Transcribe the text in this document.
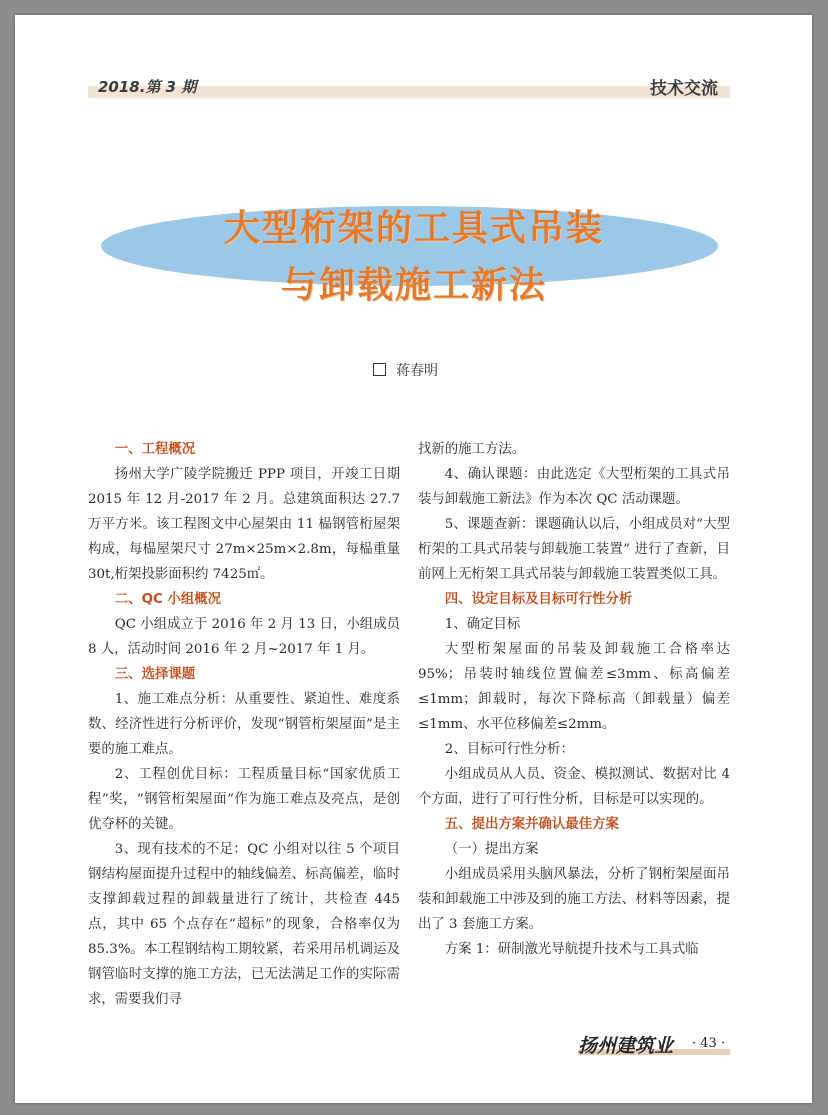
2018.第 3 期	技术交流
大型桁架的工具式吊装
与卸载施工新法
蒋春明
一、工程概况

扬州大学广陵学院搬迁 PPP 项目，开竣工日期 2015 年 12 月-2017 年 2 月。总建筑面积达 27.7 万平方米。该工程图文中心屋架由 11 榀钢管桁屋架构成，每榀屋架尺寸 27m×25m×2.8m，每榀重量 30t,桁架投影面积约 7425㎡。

二、QC 小组概况

QC 小组成立于 2016 年 2 月 13 日，小组成员 8 人，活动时间 2016 年 2 月~2017 年 1 月。

三、选择课题

1、施工难点分析：从重要性、紧迫性、难度系数、经济性进行分析评价，发现“钢管桁架屋面”是主要的施工难点。

2、工程创优目标：工程质量目标“国家优质工程”奖，“钢管桁架屋面”作为施工难点及亮点，是创优夺杯的关键。

3、现有技术的不足：QC 小组对以往 5 个项目钢结构屋面提升过程中的轴线偏差、标高偏差，临时支撑卸载过程的卸载量进行了统计，共检查 445 点，其中 65 个点存在“超标”的现象，合格率仅为 85.3%。本工程钢结构工期较紧，若采用吊机调运及钢管临时支撑的施工方法，已无法满足工作的实际需求，需要我们寻

找新的施工方法。

4、确认课题：由此选定《大型桁架的工具式吊装与卸载施工新法》作为本次 QC 活动课题。

5、课题查新：课题确认以后，小组成员对“大型桁架的工具式吊装与卸载施工装置” 进行了查新，目前网上无桁架工具式吊装与卸载施工装置类似工具。

四、设定目标及目标可行性分析

1、确定目标

大型桁架屋面的吊装及卸载施工合格率达 95%；吊装时轴线位置偏差≤3mm、标高偏差≤1mm；卸载时，每次下降标高（卸载量）偏差≤1mm、水平位移偏差≤2mm。

2、目标可行性分析：

小组成员从人员、资金、模拟测试、数据对比 4 个方面，进行了可行性分析，目标是可以实现的。

五、提出方案并确认最佳方案

（一）提出方案

小组成员采用头脑风暴法，分析了钢桁架屋面吊装和卸载施工中涉及到的施工方法、材料等因素，提出了 3 套施工方案。

方案 1：研制激光导航提升技术与工具式临

扬州建筑业 · 43 ·
